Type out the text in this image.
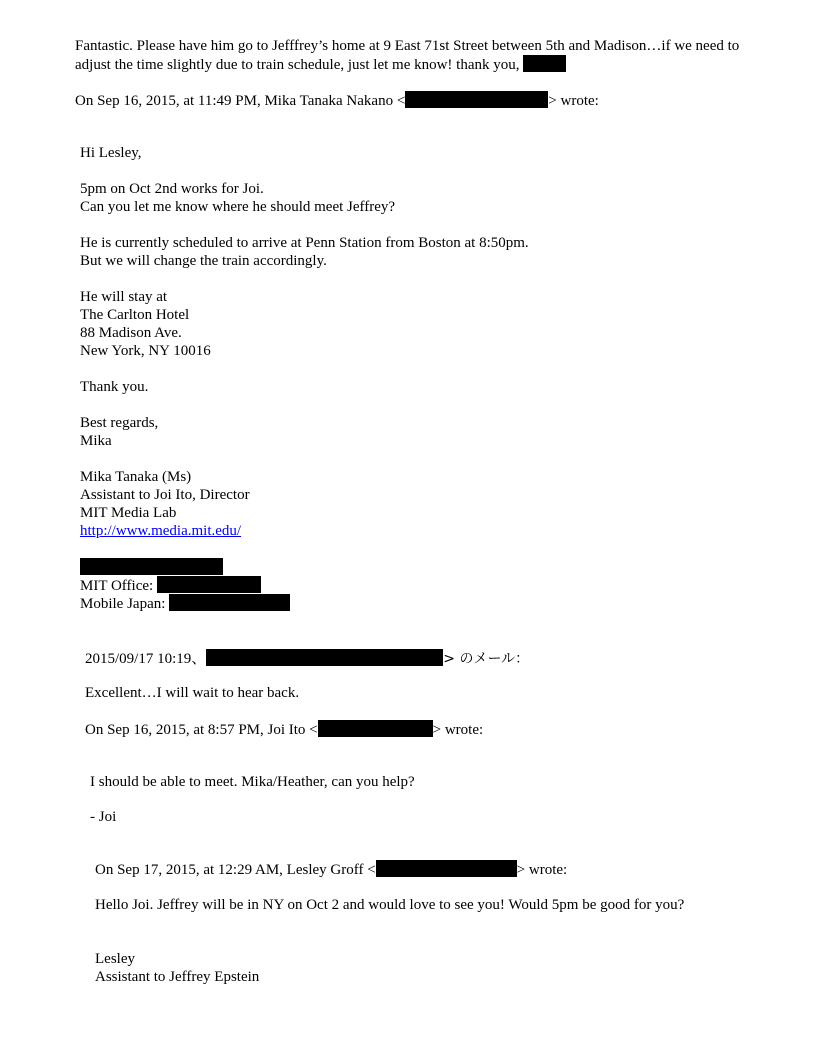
Fantastic. Please have him go to Jefffrey’s home at 9 East 71st Street between 5th and Madison…if we need to adjust the time slightly due to train schedule, just let me know! thank you,
On Sep 16, 2015, at 11:49 PM, Mika Tanaka Nakano <	> wrote:
Hi Lesley,
5pm on Oct 2nd works for Joi.
Can you let me know where he should meet Jeffrey?
He is currently scheduled to arrive at Penn Station from Boston at 8:50pm.
But we will change the train accordingly.
He will stay at
The Carlton Hotel
88 Madison Ave.
New York, NY 10016
Thank you.
Best regards,
Mika
Mika Tanaka (Ms)
Assistant to Joi Ito, Director
MIT Media Lab
http://www.media.mit.edu/
MIT Office:
Mobile Japan:
2015/09/17 10:19、	> のメール：
Excellent…I will wait to hear back.
On Sep 16, 2015, at 8:57 PM, Joi Ito <	> wrote:
I should be able to meet. Mika/Heather, can you help?
- Joi
On Sep 17, 2015, at 12:29 AM, Lesley Groff <	> wrote:
Hello Joi. Jeffrey will be in NY on Oct 2 and would love to see you! Would 5pm be good for you?
Lesley
Assistant to Jeffrey Epstein
